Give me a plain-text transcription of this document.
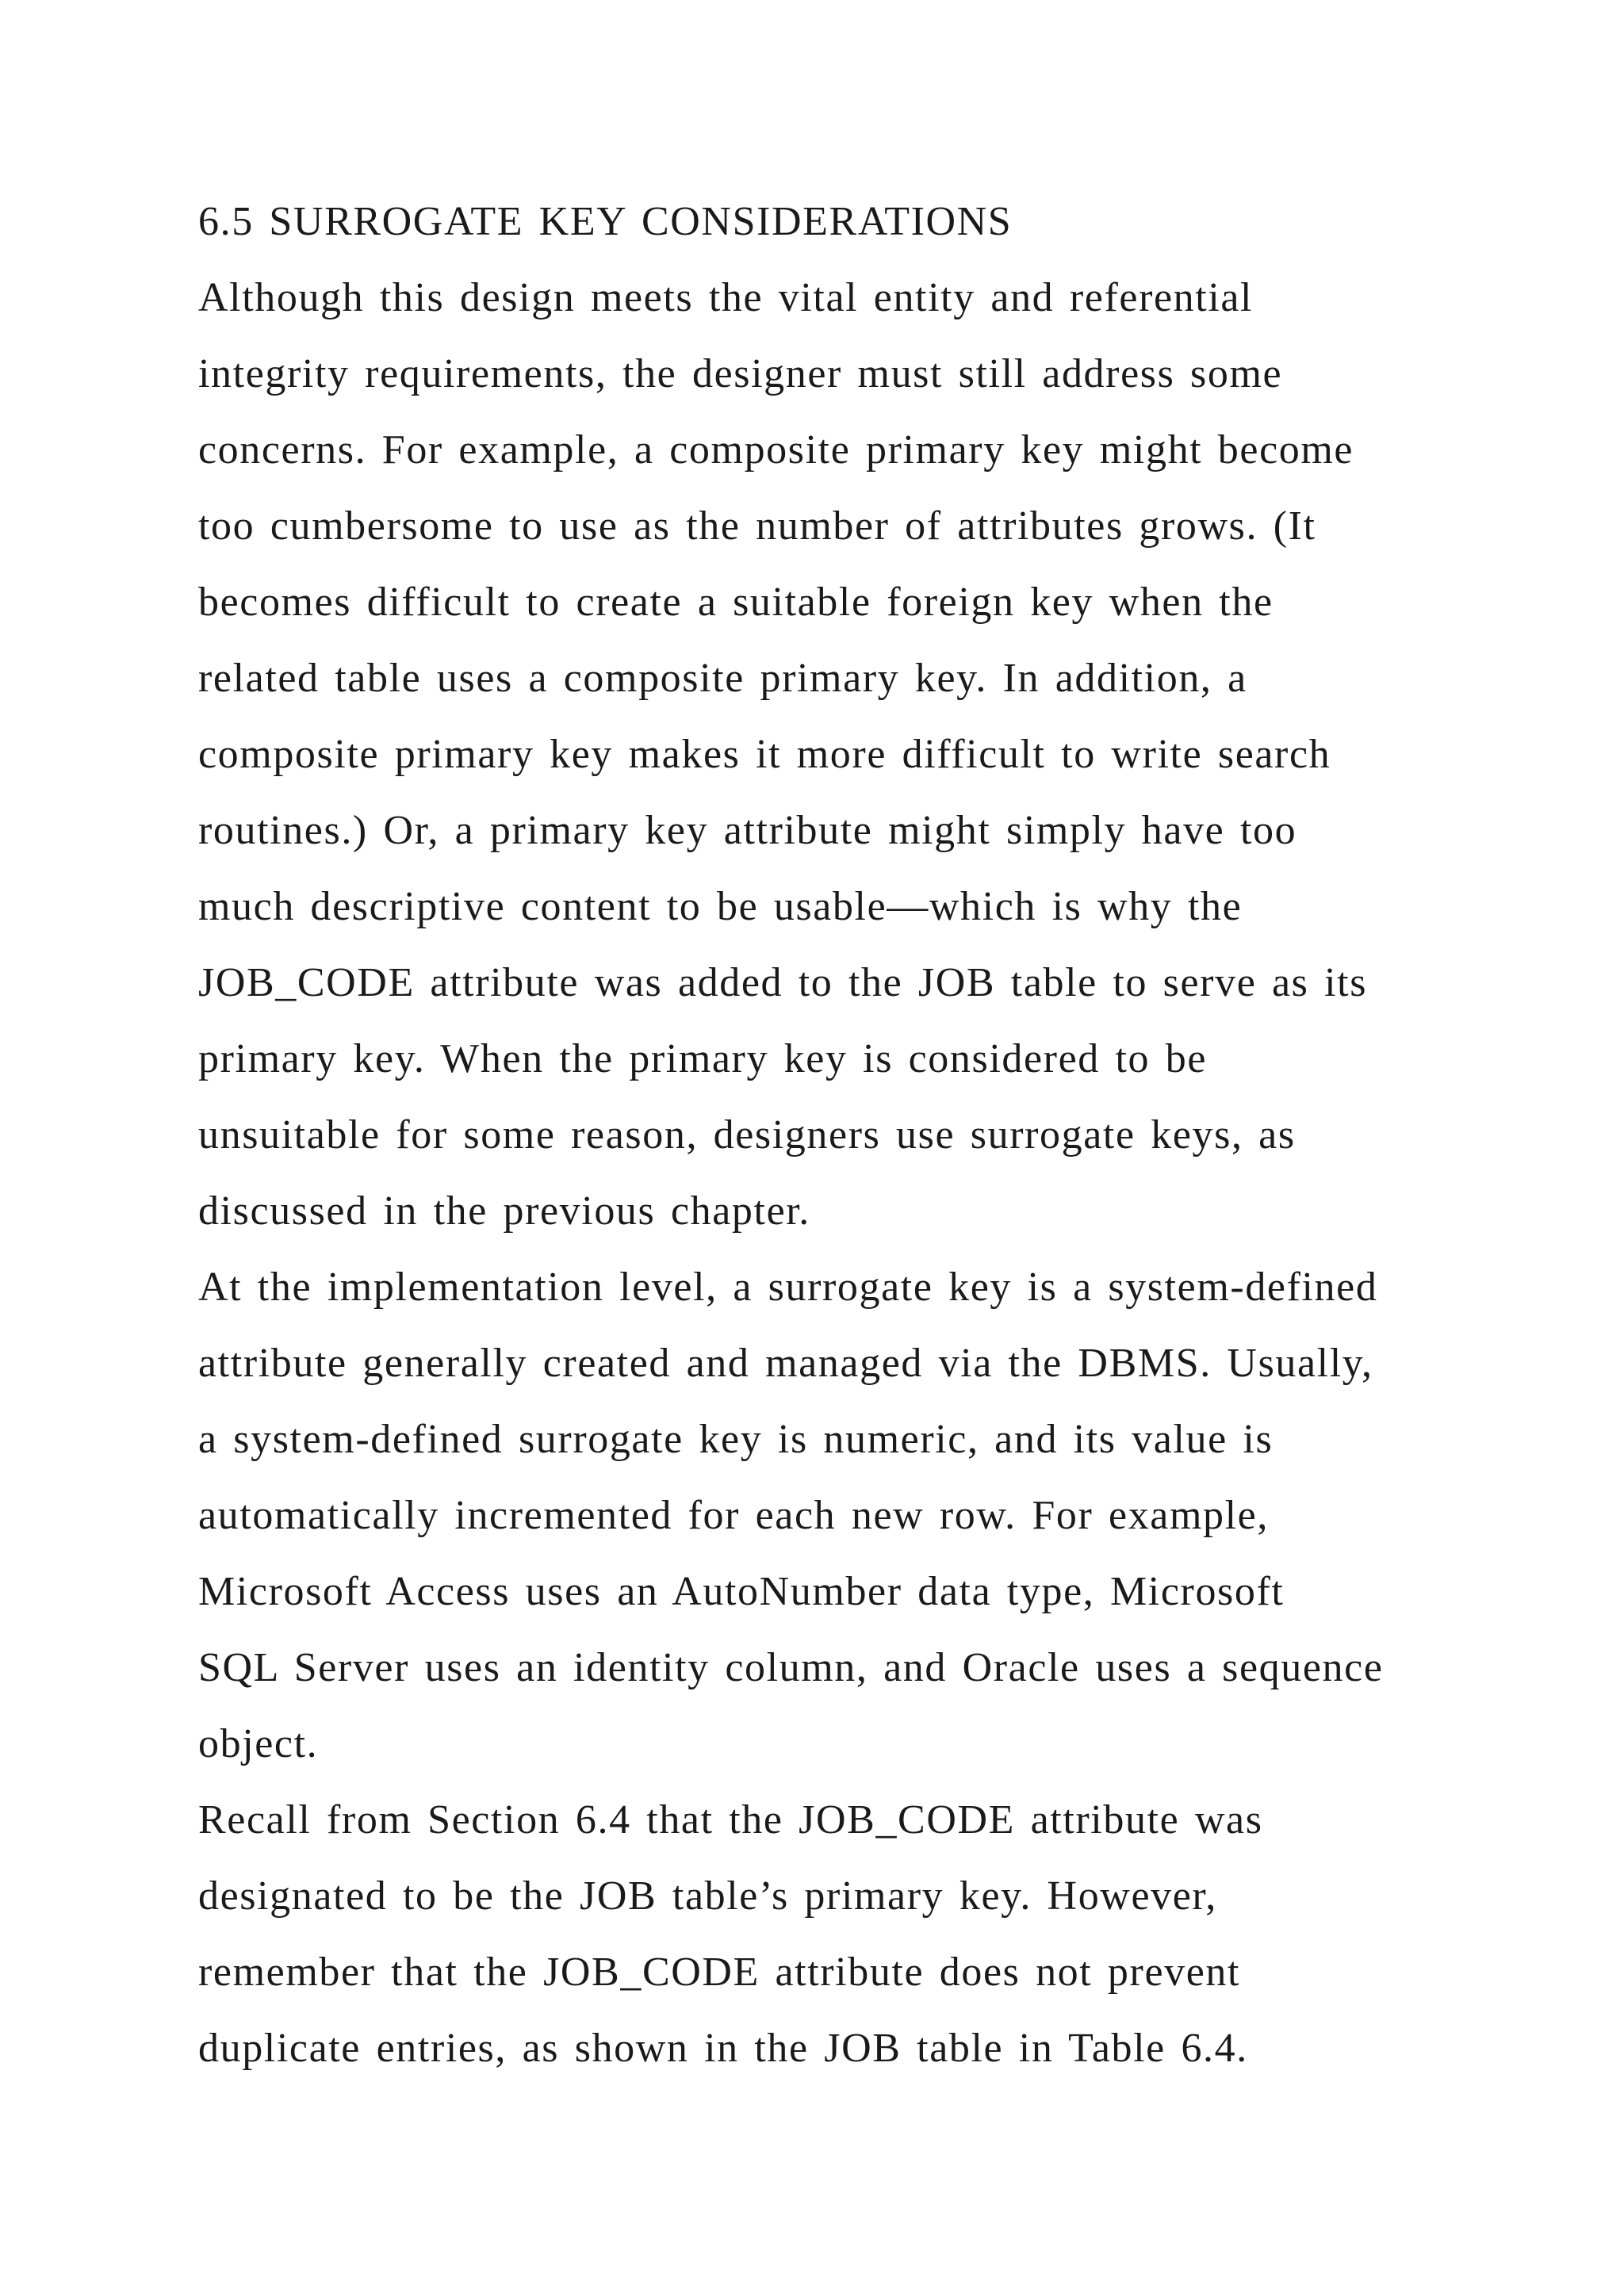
6.5 SURROGATE KEY CONSIDERATIONS
Although this design meets the vital entity and referential
integrity requirements, the designer must still address some
concerns. For example, a composite primary key might become
too cumbersome to use as the number of attributes grows. (It
becomes difficult to create a suitable foreign key when the
related table uses a composite primary key. In addition, a
composite primary key makes it more difficult to write search
routines.) Or, a primary key attribute might simply have too
much descriptive content to be usable—which is why the
JOB_CODE attribute was added to the JOB table to serve as its
primary key. When the primary key is considered to be
unsuitable for some reason, designers use surrogate keys, as
discussed in the previous chapter.
At the implementation level, a surrogate key is a system-defined
attribute generally created and managed via the DBMS. Usually,
a system-defined surrogate key is numeric, and its value is
automatically incremented for each new row. For example,
Microsoft Access uses an AutoNumber data type, Microsoft
SQL Server uses an identity column, and Oracle uses a sequence
object.
Recall from Section 6.4 that the JOB_CODE attribute was
designated to be the JOB table’s primary key. However,
remember that the JOB_CODE attribute does not prevent
duplicate entries, as shown in the JOB table in Table 6.4.
